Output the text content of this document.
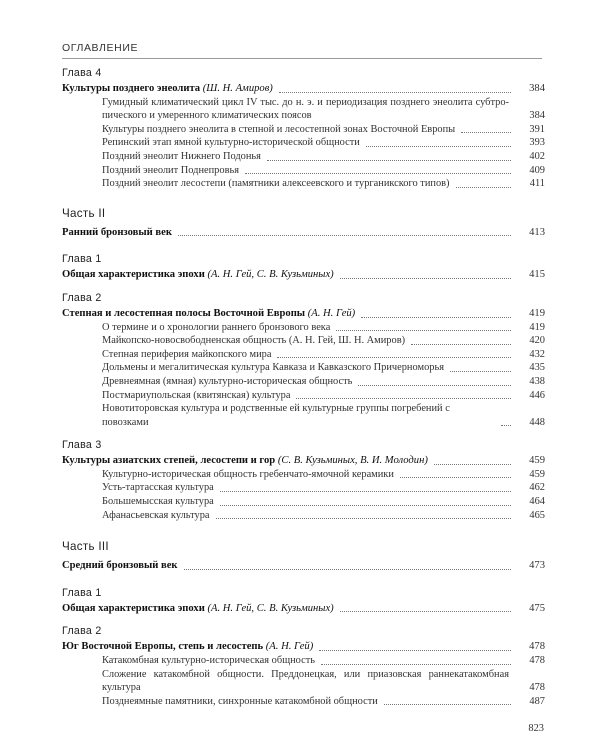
ОГЛАВЛЕНИЕ
Глава 4
Культуры позднего энеолита (Ш. Н. Амиров)	384
Гумидный климатический цикл IV тыс. до н. э. и периодизация позднего энеолита субтропического и умеренного климатических поясов	384
Культуры позднего энеолита в степной и лесостепной зонах Восточной Европы	391
Репинский этап ямной культурно-исторической общности	393
Поздний энеолит Нижнего Подонья	402
Поздний энеолит Поднепровья	409
Поздний энеолит лесостепи (памятники алексеевского и турганикского типов)	411
Часть II
Ранний бронзовый век	413
Глава 1
Общая характеристика эпохи (А. Н. Гей, С. В. Кузьминых)	415
Глава 2
Степная и лесостепная полосы Восточной Европы (А. Н. Гей)	419
О термине и о хронологии раннего бронзового века	419
Майкопско-новосвободненская общность (А. Н. Гей, Ш. Н. Амиров)	420
Степная периферия майкопского мира	432
Дольмены и мегалитическая культура Кавказа и Кавказского Причерноморья	435
Древнеямная (ямная) культурно-историческая общность	438
Постмариупольская (квитянская) культура	446
Новотиторовская культура и родственные ей культурные группы погребений с повозками	448
Глава 3
Культуры азиатских степей, лесостепи и гор (С. В. Кузьминых, В. И. Молодин)	459
Культурно-историческая общность гребенчато-ямочной керамики	459
Усть-тартасская культура	462
Большемысская культура	464
Афанасьевская культура	465
Часть III
Средний бронзовый век	473
Глава 1
Общая характеристика эпохи (А. Н. Гей, С. В. Кузьминых)	475
Глава 2
Юг Восточной Европы, степь и лесостепь (А. Н. Гей)	478
Катакомбная культурно-историческая общность	478
Сложение катакомбной общности. Преддонецкая, или приазовская раннекатакомбная культура	478
Позднеямные памятники, синхронные катакомбной общности	487
823
